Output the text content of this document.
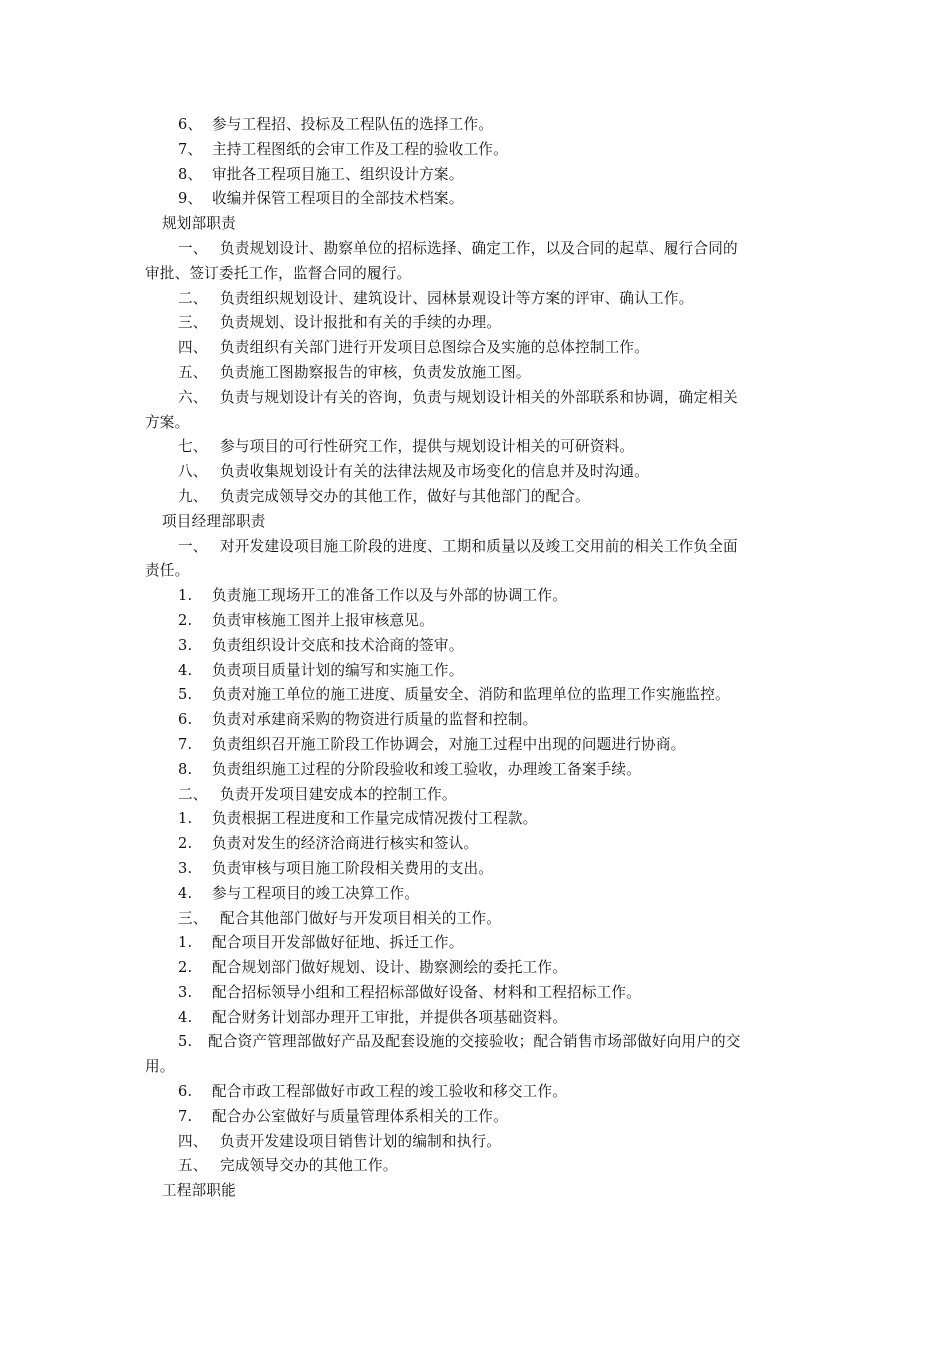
6、 参与工程招、投标及工程队伍的选择工作。
7、 主持工程图纸的会审工作及工程的验收工作。
8、 审批各工程项目施工、组织设计方案。
9、 收编并保管工程项目的全部技术档案。
规划部职责
一、 负责规划设计、勘察单位的招标选择、确定工作，以及合同的起草、履行合同的
审批、签订委托工作，监督合同的履行。
二、 负责组织规划设计、建筑设计、园林景观设计等方案的评审、确认工作。
三、 负责规划、设计报批和有关的手续的办理。
四、 负责组织有关部门进行开发项目总图综合及实施的总体控制工作。
五、 负责施工图勘察报告的审核，负责发放施工图。
六、 负责与规划设计有关的咨询，负责与规划设计相关的外部联系和协调，确定相关
方案。
七、 参与项目的可行性研究工作，提供与规划设计相关的可研资料。
八、 负责收集规划设计有关的法律法规及市场变化的信息并及时沟通。
九、 负责完成领导交办的其他工作，做好与其他部门的配合。
项目经理部职责
一、 对开发建设项目施工阶段的进度、工期和质量以及竣工交用前的相关工作负全面
责任。
1. 负责施工现场开工的准备工作以及与外部的协调工作。
2. 负责审核施工图并上报审核意见。
3. 负责组织设计交底和技术洽商的签审。
4. 负责项目质量计划的编写和实施工作。
5. 负责对施工单位的施工进度、质量安全、消防和监理单位的监理工作实施监控。
6. 负责对承建商采购的物资进行质量的监督和控制。
7. 负责组织召开施工阶段工作协调会，对施工过程中出现的问题进行协商。
8. 负责组织施工过程的分阶段验收和竣工验收，办理竣工备案手续。
二、 负责开发项目建安成本的控制工作。
1. 负责根据工程进度和工作量完成情况拨付工程款。
2. 负责对发生的经济洽商进行核实和签认。
3. 负责审核与项目施工阶段相关费用的支出。
4. 参与工程项目的竣工决算工作。
三、 配合其他部门做好与开发项目相关的工作。
1. 配合项目开发部做好征地、拆迁工作。
2. 配合规划部门做好规划、设计、勘察测绘的委托工作。
3. 配合招标领导小组和工程招标部做好设备、材料和工程招标工作。
4. 配合财务计划部办理开工审批，并提供各项基础资料。
5. 配合资产管理部做好产品及配套设施的交接验收；配合销售市场部做好向用户的交
用。
6. 配合市政工程部做好市政工程的竣工验收和移交工作。
7. 配合办公室做好与质量管理体系相关的工作。
四、 负责开发建设项目销售计划的编制和执行。
五、 完成领导交办的其他工作。
工程部职能
